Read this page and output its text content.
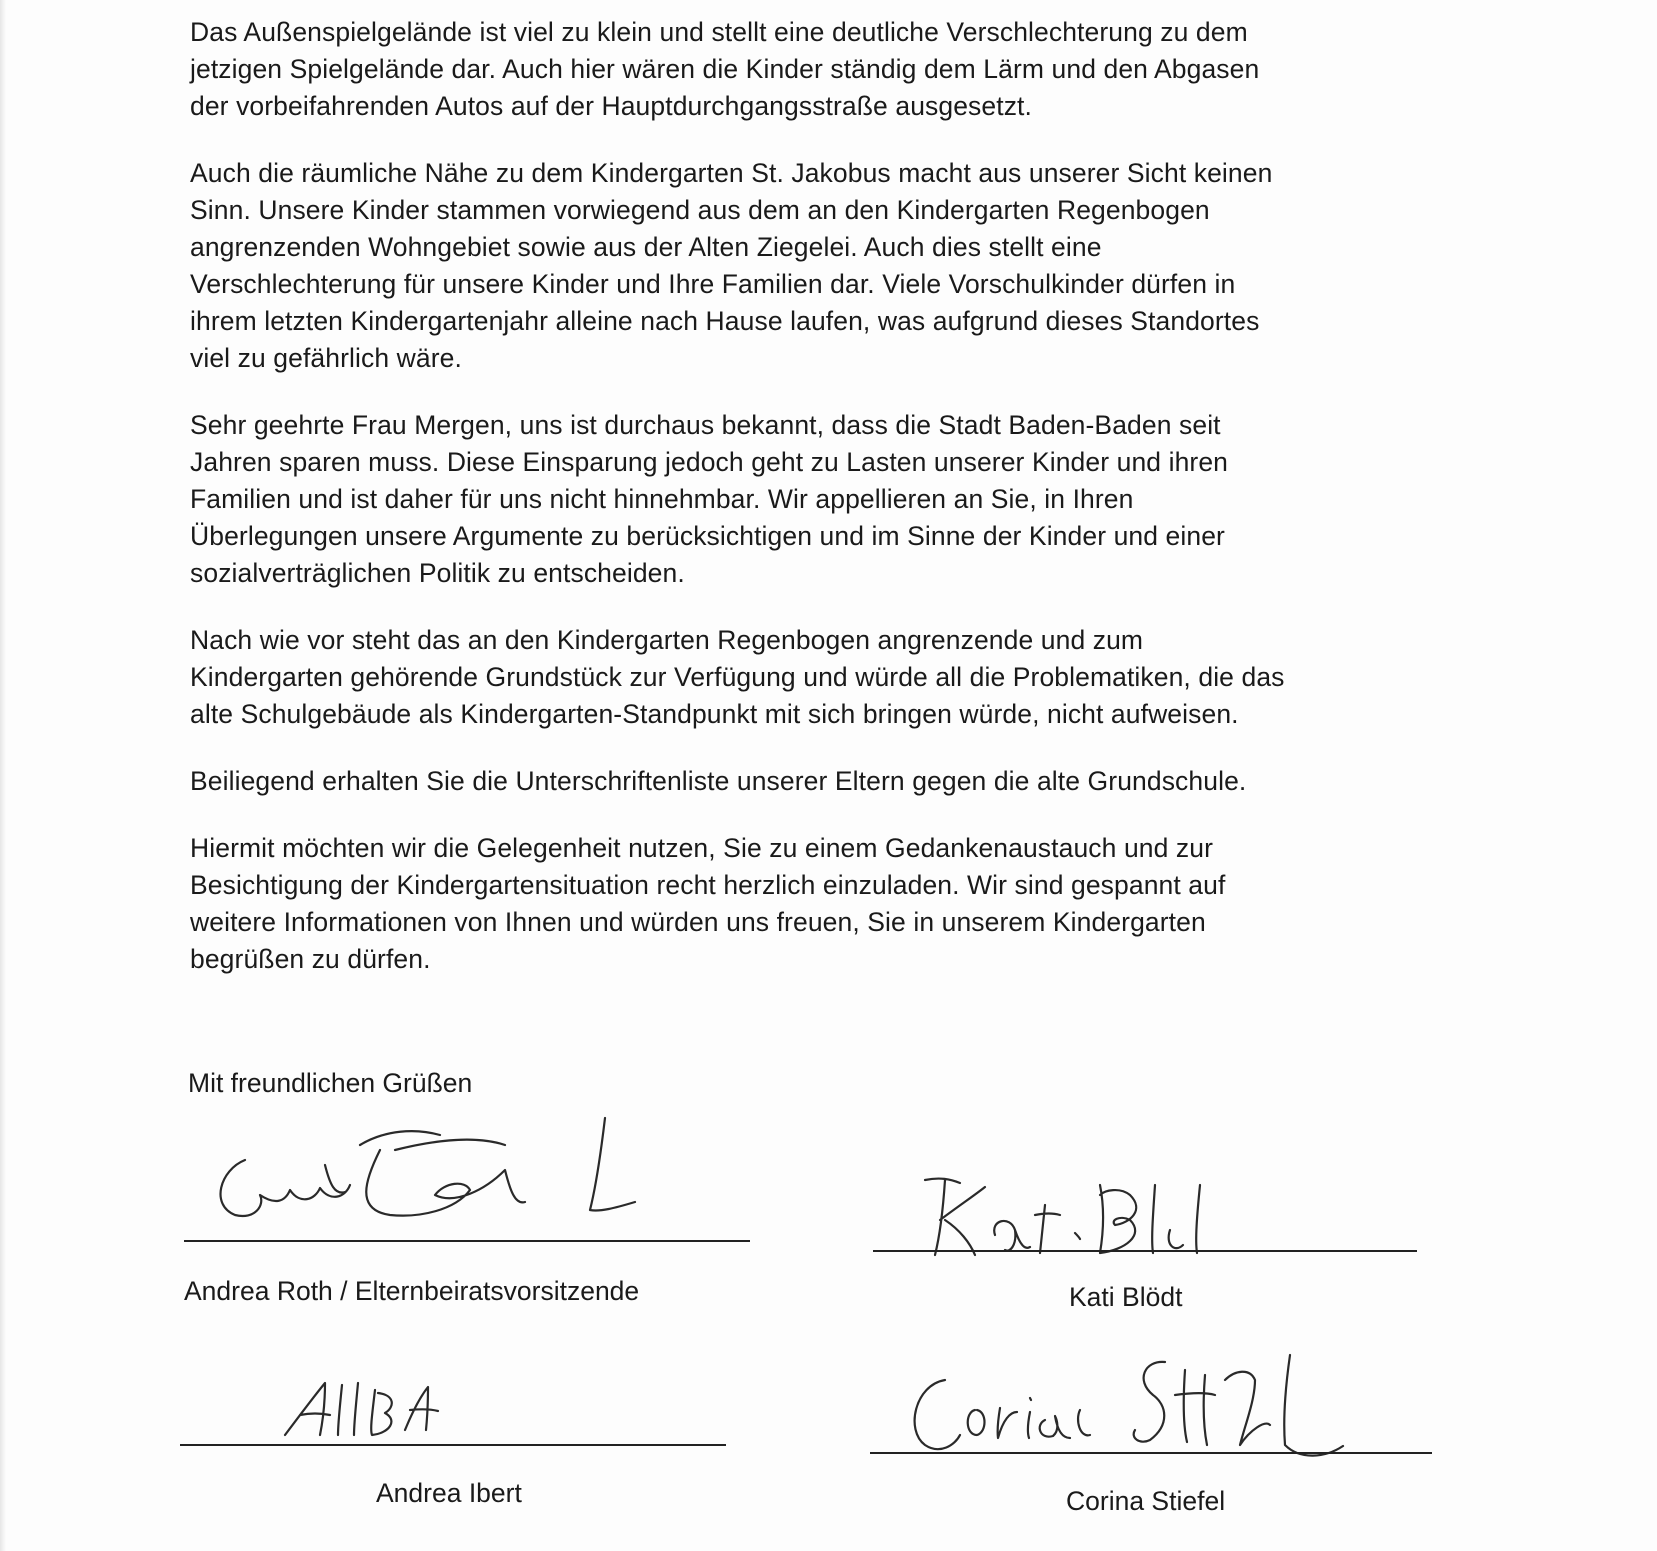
Das Außenspielgelände ist viel zu klein und stellt eine deutliche Verschlechterung zu dem
jetzigen Spielgelände dar. Auch hier wären die Kinder ständig dem Lärm und den Abgasen
der vorbeifahrenden Autos auf der Hauptdurchgangsstraße ausgesetzt.

Auch die räumliche Nähe zu dem Kindergarten St. Jakobus macht aus unserer Sicht keinen
Sinn. Unsere Kinder stammen vorwiegend aus dem an den Kindergarten Regenbogen
angrenzenden Wohngebiet sowie aus der Alten Ziegelei. Auch dies stellt eine
Verschlechterung für unsere Kinder und Ihre Familien dar. Viele Vorschulkinder dürfen in
ihrem letzten Kindergartenjahr alleine nach Hause laufen, was aufgrund dieses Standortes
viel zu gefährlich wäre.

Sehr geehrte Frau Mergen, uns ist durchaus bekannt, dass die Stadt Baden-Baden seit
Jahren sparen muss. Diese Einsparung jedoch geht zu Lasten unserer Kinder und ihren
Familien und ist daher für uns nicht hinnehmbar. Wir appellieren an Sie, in Ihren
Überlegungen unsere Argumente zu berücksichtigen und im Sinne der Kinder und einer
sozialverträglichen Politik zu entscheiden.

Nach wie vor steht das an den Kindergarten Regenbogen angrenzende und zum
Kindergarten gehörende Grundstück zur Verfügung und würde all die Problematiken, die das
alte Schulgebäude als Kindergarten-Standpunkt mit sich bringen würde, nicht aufweisen.

Beiliegend erhalten Sie die Unterschriftenliste unserer Eltern gegen die alte Grundschule.

Hiermit möchten wir die Gelegenheit nutzen, Sie zu einem Gedankenaustauch und zur
Besichtigung der Kindergartensituation recht herzlich einzuladen. Wir sind gespannt auf
weitere Informationen von Ihnen und würden uns freuen, Sie in unserem Kindergarten
begrüßen zu dürfen.

Mit freundlichen Grüßen
Andrea Roth / Elternbeiratsvorsitzende	Kati Blödt
Andrea Ibert	Corina Stiefel
